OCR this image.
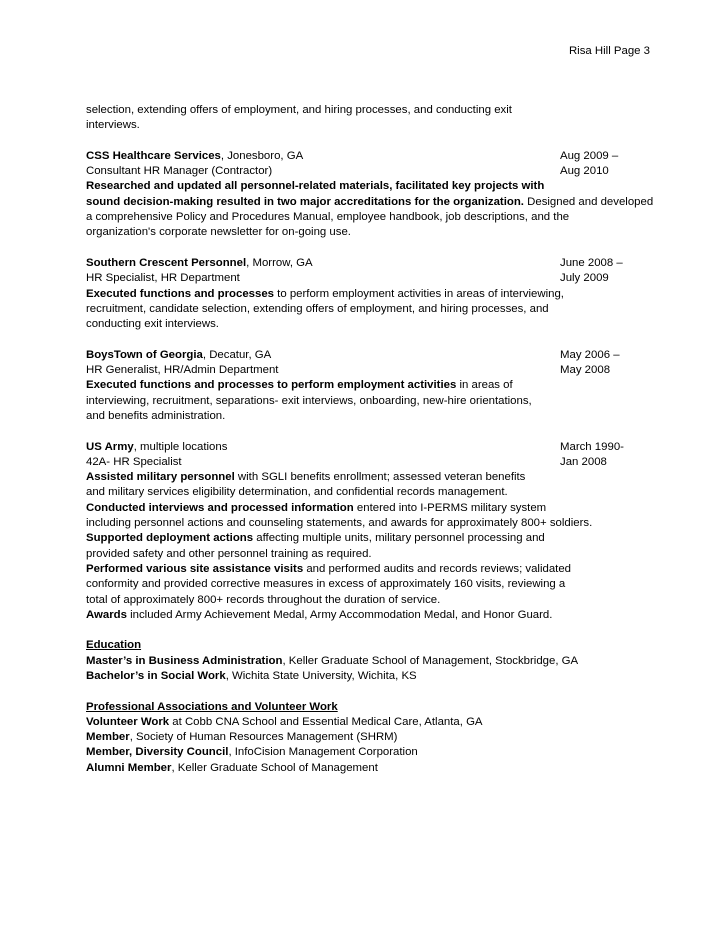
Risa Hill Page 3
selection, extending offers of employment, and hiring processes, and conducting exit
interviews.
CSS Healthcare Services, Jonesboro, GA	Aug 2009 –
Consultant HR Manager (Contractor)	Aug 2010
Researched and updated all personnel-related materials, facilitated key projects with
sound decision-making resulted in two major accreditations for the organization. Designed and developed
a comprehensive Policy and Procedures Manual, employee handbook, job descriptions, and the
organization's corporate newsletter for on-going use.
Southern Crescent Personnel, Morrow, GA	June 2008 –
HR Specialist, HR Department	July 2009
Executed functions and processes to perform employment activities in areas of interviewing,
recruitment, candidate selection, extending offers of employment, and hiring processes, and
conducting exit interviews.
BoysTown of Georgia, Decatur, GA	May 2006 –
HR Generalist, HR/Admin Department	May 2008
Executed functions and processes to perform employment activities in areas of
interviewing, recruitment, separations- exit interviews, onboarding, new-hire orientations,
and benefits administration.
US Army, multiple locations	March 1990-
42A- HR Specialist	Jan 2008
Assisted military personnel with SGLI benefits enrollment; assessed veteran benefits
and military services eligibility determination, and confidential records management.
Conducted interviews and processed information entered into I-PERMS military system
including personnel actions and counseling statements, and awards for approximately 800+ soldiers.
Supported deployment actions affecting multiple units, military personnel processing and
provided safety and other personnel training as required.
Performed various site assistance visits and performed audits and records reviews; validated
conformity and provided corrective measures in excess of approximately 160 visits, reviewing a
total of approximately 800+ records throughout the duration of service.
Awards included Army Achievement Medal, Army Accommodation Medal, and Honor Guard.
Education
Master’s in Business Administration, Keller Graduate School of Management, Stockbridge, GA
Bachelor’s in Social Work, Wichita State University, Wichita, KS
Professional Associations and Volunteer Work
Volunteer Work at Cobb CNA School and Essential Medical Care, Atlanta, GA
Member, Society of Human Resources Management (SHRM)
Member, Diversity Council, InfoCision Management Corporation
Alumni Member, Keller Graduate School of Management
